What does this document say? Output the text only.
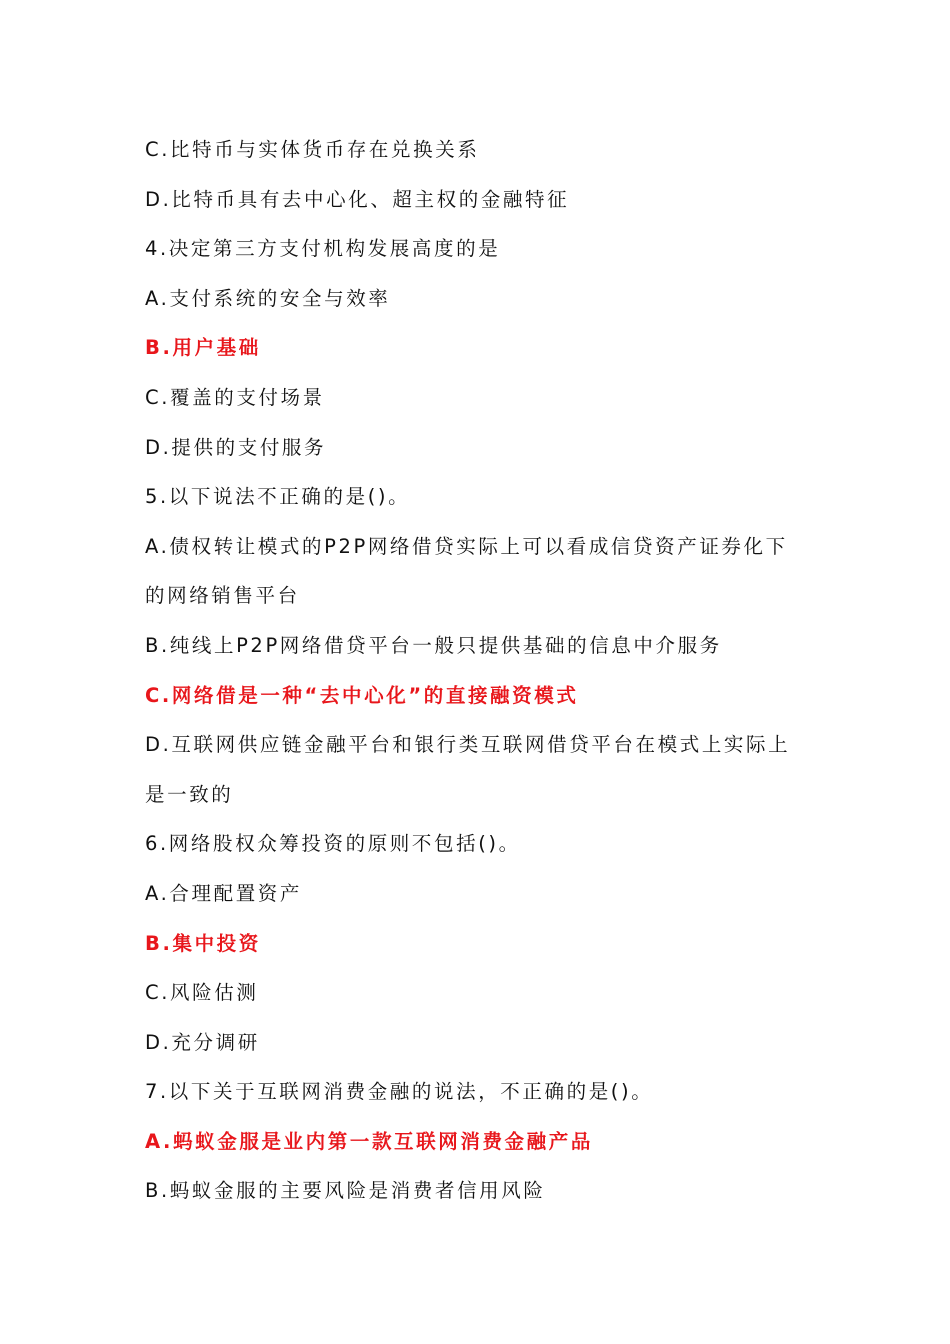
C.比特币与实体货币存在兑换关系
D.比特币具有去中心化、超主权的金融特征
4.决定第三方支付机构发展高度的是
A.支付系统的安全与效率
B.用户基础
C.覆盖的支付场景
D.提供的支付服务
5.以下说法不正确的是()。
A.债权转让模式的P2P网络借贷实际上可以看成信贷资产证券化下
的网络销售平台
B.纯线上P2P网络借贷平台一般只提供基础的信息中介服务
C.网络借是一种“去中心化”的直接融资模式
D.互联网供应链金融平台和银行类互联网借贷平台在模式上实际上
是一致的
6.网络股权众筹投资的原则不包括()。
A.合理配置资产
B.集中投资
C.风险估测
D.充分调研
7.以下关于互联网消费金融的说法，不正确的是()。
A.蚂蚁金服是业内第一款互联网消费金融产品
B.蚂蚁金服的主要风险是消费者信用风险
